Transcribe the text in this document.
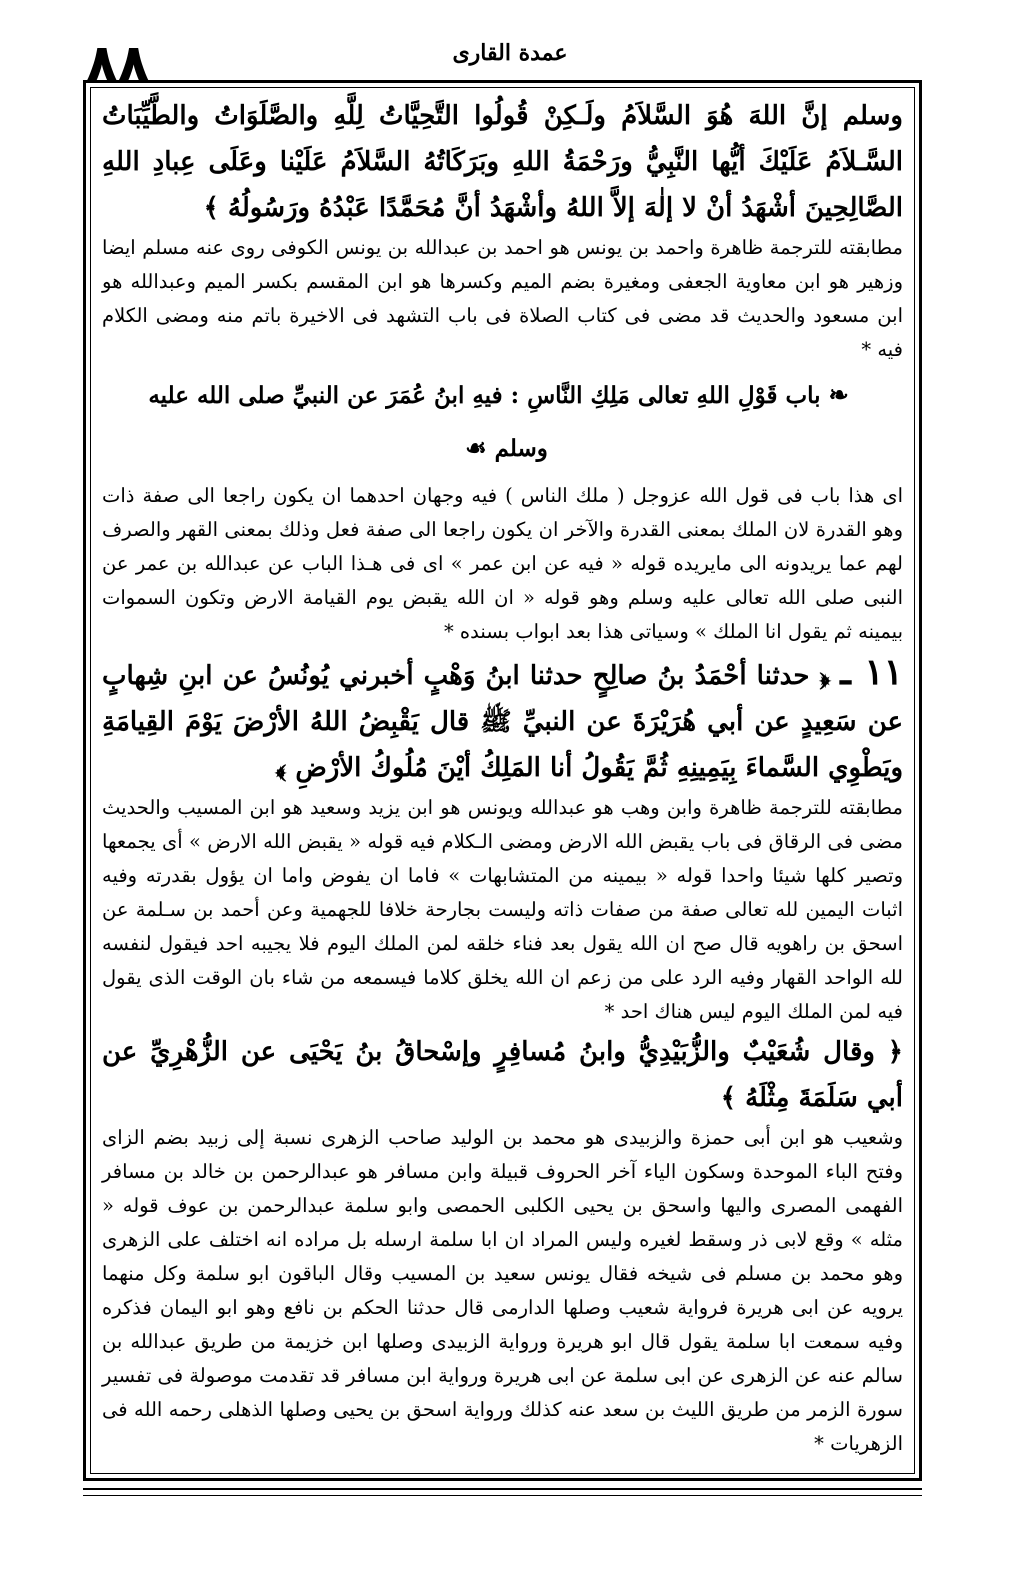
٨٨	عمدة القارى

وسلم إنَّ اللهَ هُوَ السَّلاَمُ ولَـكِنْ قُولُوا التَّحِيَّاتُ لِلَّهِ والصَّلَوَاتُ والطَّيِّبَاتُ السَّـلاَمُ عَلَيْكَ أيُّها النَّبِيُّ ورَحْمَةُ اللهِ وبَرَكَاتُهُ السَّلاَمُ عَلَيْنا وعَلَى عِبادِ اللهِ الصَّالِحِينَ أشْهَدُ أنْ لا إلٰهَ إلاَّ اللهُ وأشْهَدُ أنَّ مُحَمَّدًا عَبْدُهُ ورَسُولُهُ ﴾

مطابقته للترجمة ظاهرة واحمد بن يونس هو احمد بن عبدالله بن يونس الكوفى روى عنه مسلم ايضا وزهير هو ابن معاوية الجعفى ومغيرة بضم الميم وكسرها هو ابن المقسم بكسر الميم وعبدالله هو ابن مسعود والحديث قد مضى فى كتاب الصلاة فى باب التشهد فى الاخيرة باتم منه ومضى الكلام فيه *

❧باب قَوْلِ اللهِ تعالى مَلِكِ النَّاسِ : فيهِ ابنُ عُمَرَ عن النبيِّ صلى الله عليه وسلم☙

اى هذا باب فى قول الله عزوجل ( ملك الناس ) فيه وجهان احدهما ان يكون راجعا الى صفة ذات وهو القدرة لان الملك بمعنى القدرة والآخر ان يكون راجعا الى صفة فعل وذلك بمعنى القهر والصرف لهم عما يريدونه الى مايريده قوله « فيه عن ابن عمر » اى فى هـذا الباب عن عبدالله بن عمر عن النبى صلى الله تعالى عليه وسلم وهو قوله « ان الله يقبض يوم القيامة الارض وتكون السموات بيمينه ثم يقول انا الملك » وسياتى هذا بعد ابواب بسنده *

١١ ـ﴿ حدثنا أحْمَدُ بنُ صالِحٍ حدثنا ابنُ وَهْبٍ أخبرني يُونُسُ عن ابنِ شِهابٍ عن سَعِيدٍ عن أبي هُرَيْرَةَ عن النبيِّ ﷺ قال يَقْبِضُ اللهُ الأرْضَ يَوْمَ القِيامَةِ ويَطْوِي السَّماءَ بِيَمِينِهِ ثُمَّ يَقُولُ أنا المَلِكُ أيْنَ مُلُوكُ الأرْضِ ﴾

مطابقته للترجمة ظاهرة وابن وهب هو عبدالله ويونس هو ابن يزيد وسعيد هو ابن المسيب والحديث مضى فى الرقاق فى باب يقبض الله الارض ومضى الـكلام فيه قوله « يقبض الله الارض » أى يجمعها وتصير كلها شيئا واحدا قوله « بيمينه من المتشابهات » فاما ان يفوض واما ان يؤول بقدرته وفيه اثبات اليمين لله تعالى صفة من صفات ذاته وليست بجارحة خلافا للجهمية وعن أحمد بن سـلمة عن اسحق بن راهويه قال صح ان الله يقول بعد فناء خلقه لمن الملك اليوم فلا يجيبه احد فيقول لنفسه لله الواحد القهار وفيه الرد على من زعم ان الله يخلق كلاما فيسمعه من شاء بان الوقت الذى يقول فيه لمن الملك اليوم ليس هناك احد *

﴿ وقال شُعَيْبٌ والزُّبَيْدِيُّ وابنُ مُسافِرٍ وإسْحاقُ بنُ يَحْيَى عن الزُّهْرِيِّ عن أبي سَلَمَةَ مِثْلَهُ ﴾

وشعيب هو ابن أبى حمزة والزبيدى هو محمد بن الوليد صاحب الزهرى نسبة إلى زبيد بضم الزاى وفتح الباء الموحدة وسكون الياء آخر الحروف قبيلة وابن مسافر هو عبدالرحمن بن خالد بن مسافر الفهمى المصرى واليها واسحق بن يحيى الكلبى الحمصى وابو سلمة عبدالرحمن بن عوف قوله « مثله » وقع لابى ذر وسقط لغيره وليس المراد ان ابا سلمة ارسله بل مراده انه اختلف على الزهرى وهو محمد بن مسلم فى شيخه فقال يونس سعيد بن المسيب وقال الباقون ابو سلمة وكل منهما يرويه عن ابى هريرة فرواية شعيب وصلها الدارمى قال حدثنا الحكم بن نافع وهو ابو اليمان فذكره وفيه سمعت ابا سلمة يقول قال ابو هريرة ورواية الزبيدى وصلها ابن خزيمة من طريق عبدالله بن سالم عنه عن الزهرى عن ابى سلمة عن ابى هريرة ورواية ابن مسافر قد تقدمت موصولة فى تفسير سورة الزمر من طريق الليث بن سعد عنه كذلك ورواية اسحق بن يحيى وصلها الذهلى رحمه الله فى الزهريات *
